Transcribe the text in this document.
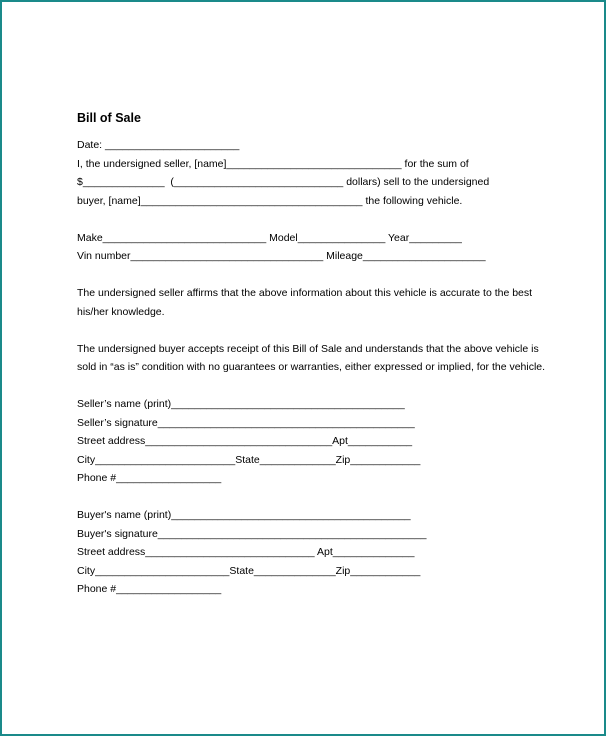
Bill of Sale
Date: _______________________
I, the undersigned seller, [name]______________________________ for the sum of
$______________  (_____________________________ dollars) sell to the undersigned
buyer, [name]______________________________________ the following vehicle.
Make____________________________ Model_______________ Year_________
Vin number_________________________________ Mileage_____________________

The undersigned seller affirms that the above information about this vehicle is accurate to the best his/her knowledge.

The undersigned buyer accepts receipt of this Bill of Sale and understands that the above vehicle is sold in “as is” condition with no guarantees or warranties, either expressed or implied, for the vehicle.

Seller’s name (print)________________________________________
Seller’s signature____________________________________________
Street address________________________________Apt___________
City________________________State_____________Zip____________
Phone #__________________
Buyer's name (print)_________________________________________
Buyer's signature______________________________________________
Street address_____________________________ Apt______________
City_______________________State______________Zip____________
Phone #__________________
